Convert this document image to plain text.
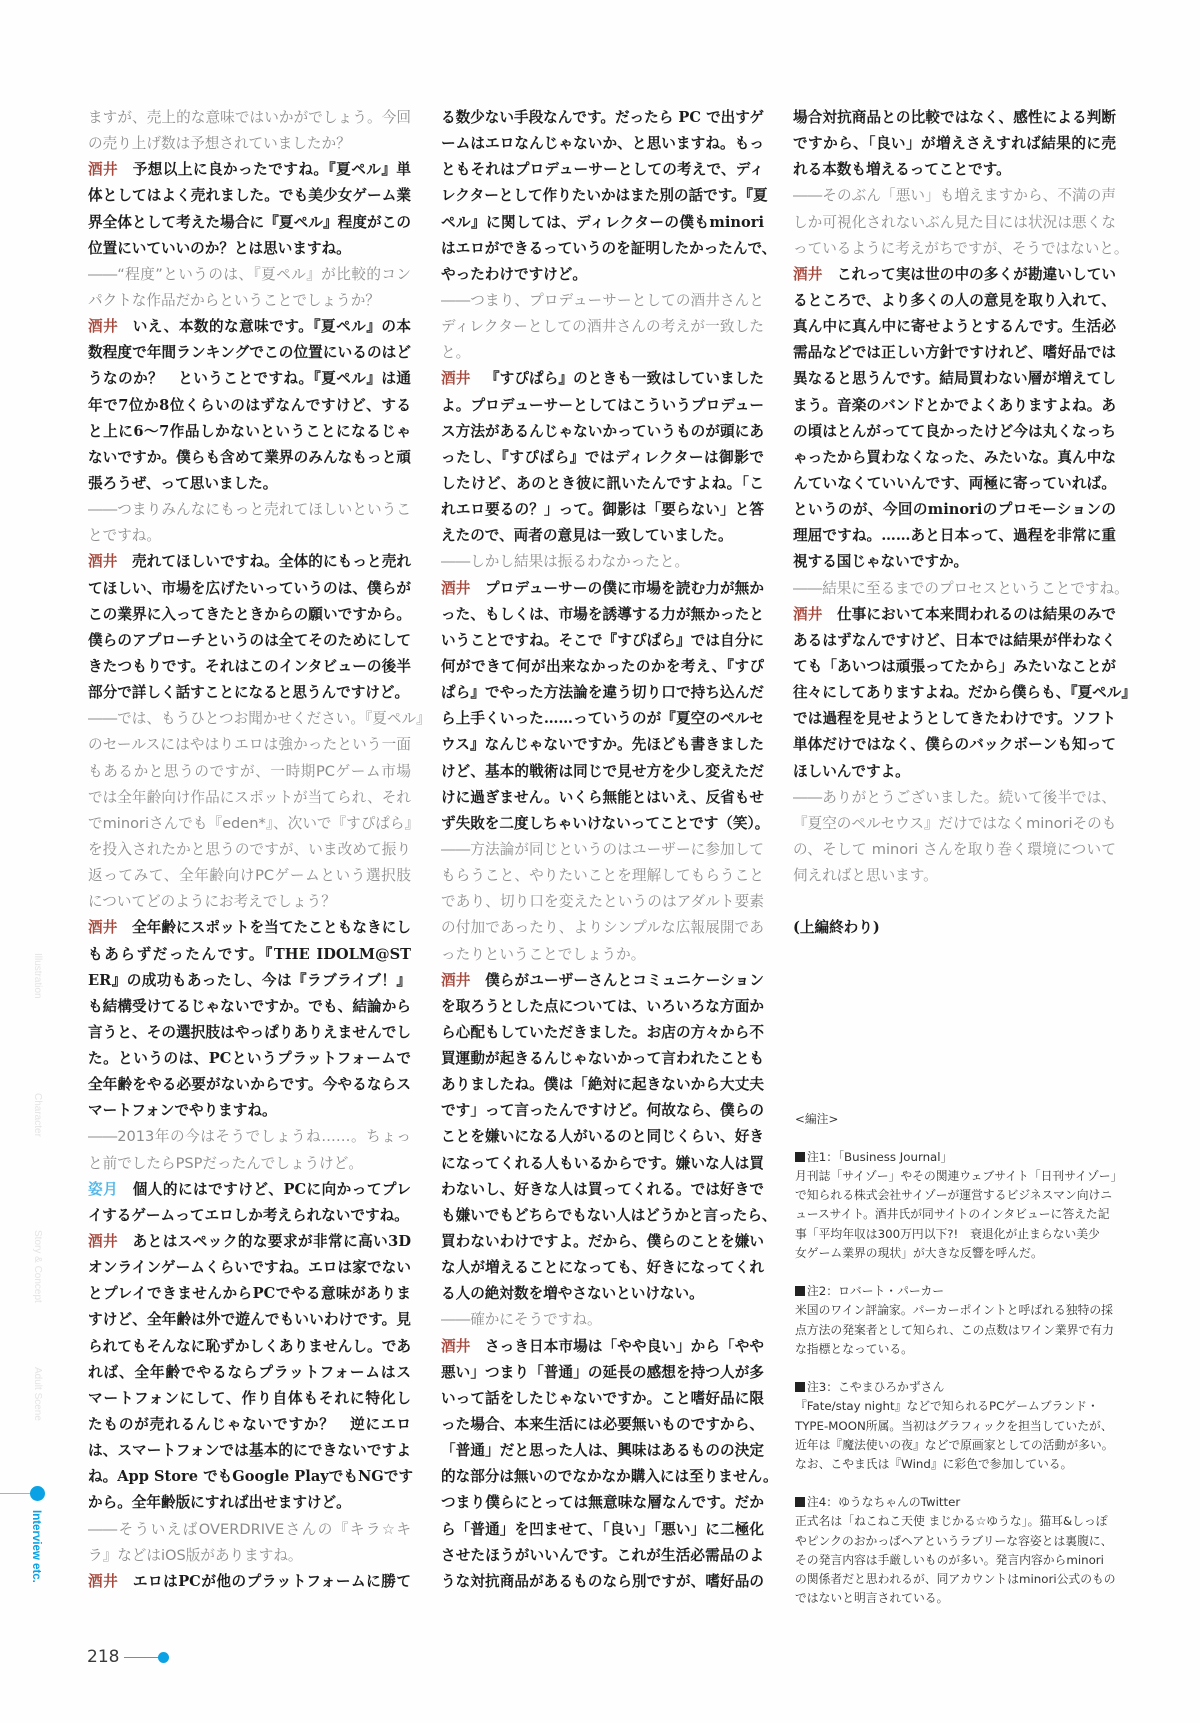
ますが、売上的な意味ではいかがでしょう。今回
の売り上げ数は予想されていましたか？
酒井 予想以上に良かったですね。『夏ペル』単
体としてはよく売れました。でも美少女ゲーム業
界全体として考えた場合に『夏ペル』程度がこの
位置にいていいのか？とは思いますね。
――“程度”というのは、『夏ペル』が比較的コン
パクトな作品だからということでしょうか？
酒井 いえ、本数的な意味です。『夏ペル』の本
数程度で年間ランキングでこの位置にいるのはど
うなのか？　ということですね。『夏ペル』は通
年で7位か8位くらいのはずなんですけど、する
と上に6～7作品しかないということになるじゃ
ないですか。僕らも含めて業界のみんなもっと頑
張ろうぜ、って思いました。
――つまりみんなにもっと売れてほしいというこ
とですね。
酒井 売れてほしいですね。全体的にもっと売れ
てほしい、市場を広げたいっていうのは、僕らが
この業界に入ってきたときからの願いですから。
僕らのアプローチというのは全てそのためにして
きたつもりです。それはこのインタビューの後半
部分で詳しく話すことになると思うんですけど。
――では、もうひとつお聞かせください。『夏ペル』
のセールスにはやはりエロは強かったという一面
もあるかと思うのですが、一時期PCゲーム市場
では全年齢向け作品にスポットが当てられ、それ
でminoriさんでも『eden*』、次いで『すぴぱら』
を投入されたかと思うのですが、いま改めて振り
返ってみて、全年齢向けPCゲームという選択肢
についてどのようにお考えでしょう？
酒井 全年齢にスポットを当てたこともなきにし
もあらずだったんです。『THE IDOLM@ST
ER』の成功もあったし、今は『ラブライブ！』
も結構受けてるじゃないですか。でも、結論から
言うと、その選択肢はやっぱりありえませんでし
た。というのは、PCというプラットフォームで
全年齢をやる必要がないからです。今やるならス
マートフォンでやりますね。
――2013年の今はそうでしょうね……。ちょっ
と前でしたらPSPだったんでしょうけど。
姿月 個人的にはですけど、PCに向かってプレ
イするゲームってエロしか考えられないですね。
酒井 あとはスペック的な要求が非常に高い3D
オンラインゲームくらいですね。エロは家でない
とプレイできませんからPCでやる意味がありま
すけど、全年齢は外で遊んでもいいわけです。見
られてもそんなに恥ずかしくありませんし。であ
れば、全年齢でやるならプラットフォームはス
マートフォンにして、作り自体もそれに特化し
たものが売れるんじゃないですか？　逆にエロ
は、スマートフォンでは基本的にできないですよ
ね。App Store でもGoogle PlayでもNGです
から。全年齢版にすれば出せますけど。
――そういえばOVERDRIVEさんの『キラ☆キ
ラ』などはiOS版がありますね。
酒井 エロはPCが他のプラットフォームに勝て
る数少ない手段なんです。だったら PC で出すゲ
ームはエロなんじゃないか、と思いますね。もっ
ともそれはプロデューサーとしての考えで、ディ
レクターとして作りたいかはまた別の話です。『夏
ペル』に関しては、ディレクターの僕もminori
はエロができるっていうのを証明したかったんで、
やったわけですけど。
――つまり、プロデューサーとしての酒井さんと
ディレクターとしての酒井さんの考えが一致した
と。
酒井 『すぴぱら』のときも一致はしていました
よ。プロデューサーとしてはこういうプロデュー
ス方法があるんじゃないかっていうものが頭にあ
ったし、『すぴぱら』ではディレクターは御影で
したけど、あのとき彼に訊いたんですよね。「こ
れエロ要るの？」って。御影は「要らない」と答
えたので、両者の意見は一致していました。
――しかし結果は振るわなかったと。
酒井 プロデューサーの僕に市場を読む力が無か
った、もしくは、市場を誘導する力が無かったと
いうことですね。そこで『すぴぱら』では自分に
何ができて何が出来なかったのかを考え、『すぴ
ぱら』でやった方法論を違う切り口で持ち込んだ
ら上手くいった……っていうのが『夏空のペルセ
ウス』なんじゃないですか。先ほども書きました
けど、基本的戦術は同じで見せ方を少し変えただ
けに過ぎません。いくら無能とはいえ、反省もせ
ず失敗を二度しちゃいけないってことです（笑）。
――方法論が同じというのはユーザーに参加して
もらうこと、やりたいことを理解してもらうこと
であり、切り口を変えたというのはアダルト要素
の付加であったり、よりシンプルな広報展開であ
ったりということでしょうか。
酒井 僕らがユーザーさんとコミュニケーション
を取ろうとした点については、いろいろな方面か
ら心配もしていただきました。お店の方々から不
買運動が起きるんじゃないかって言われたことも
ありましたね。僕は「絶対に起きないから大丈夫
です」って言ったんですけど。何故なら、僕らの
ことを嫌いになる人がいるのと同じくらい、好き
になってくれる人もいるからです。嫌いな人は買
わないし、好きな人は買ってくれる。では好きで
も嫌いでもどちらでもない人はどうかと言ったら、
買わないわけですよ。だから、僕らのことを嫌い
な人が増えることになっても、好きになってくれ
る人の絶対数を増やさないといけない。
――確かにそうですね。
酒井 さっき日本市場は「やや良い」から「やや
悪い」つまり「普通」の延長の感想を持つ人が多
いって話をしたじゃないですか。こと嗜好品に限
った場合、本来生活には必要無いものですから、
「普通」だと思った人は、興味はあるものの決定
的な部分は無いのでなかなか購入には至りません。
つまり僕らにとっては無意味な層なんです。だか
ら「普通」を凹ませて、「良い」「悪い」に二極化
させたほうがいいんです。これが生活必需品のよ
うな対抗商品があるものなら別ですが、嗜好品の
場合対抗商品との比較ではなく、感性による判断
ですから、「良い」が増えさえすれば結果的に売
れる本数も増えるってことです。
――そのぶん「悪い」も増えますから、不満の声
しか可視化されないぶん見た目には状況は悪くな
っているように考えがちですが、そうではないと。
酒井 これって実は世の中の多くが勘違いしてい
るところで、より多くの人の意見を取り入れて、
真ん中に真ん中に寄せようとするんです。生活必
需品などでは正しい方針ですけれど、嗜好品では
異なると思うんです。結局買わない層が増えてし
まう。音楽のバンドとかでよくありますよね。あ
の頃はとんがってて良かったけど今は丸くなっち
ゃったから買わなくなった、みたいな。真ん中な
んていなくていいんです、両極に寄っていれば。
というのが、今回のminoriのプロモーションの
理屈ですね。……あと日本って、過程を非常に重
視する国じゃないですか。
――結果に至るまでのプロセスということですね。
酒井 仕事において本来問われるのは結果のみで
あるはずなんですけど、日本では結果が伴わなく
ても「あいつは頑張ってたから」みたいなことが
往々にしてありますよね。だから僕らも、『夏ペル』
では過程を見せようとしてきたわけです。ソフト
単体だけではなく、僕らのバックボーンも知って
ほしいんですよ。
――ありがとうございました。続いて後半では、
『夏空のペルセウス』だけではなくminoriそのも
の、そして minori さんを取り巻く環境について
伺えればと思います。
(上編終わり)
<編注>
注1：「Business Journal」
月刊誌「サイゾー」やその関連ウェブサイト「日刊サイゾー」
で知られる株式会社サイゾーが運営するビジネスマン向けニ
ュースサイト。酒井氏が同サイトのインタビューに答えた記
事「平均年収は300万円以下?!　衰退化が止まらない美少
女ゲーム業界の現状」が大きな反響を呼んだ。
注2：ロバート・パーカー
米国のワイン評論家。パーカーポイントと呼ばれる独特の採
点方法の発案者として知られ、この点数はワイン業界で有力
な指標となっている。
注3：こやまひろかずさん
『Fate/stay night』などで知られるPCゲームブランド・
TYPE-MOON所属。当初はグラフィックを担当していたが、
近年は『魔法使いの夜』などで原画家としての活動が多い。
なお、こやま氏は『Wind』に彩色で参加している。
注4：ゆうなちゃんのTwitter
正式名は「ねこねこ天使 まじかる☆ゆうな」。猫耳&しっぽ
やピンクのおかっぱヘアというラブリーな容姿とは裏腹に、
その発言内容は手厳しいものが多い。発言内容からminori
の関係者だと思われるが、同アカウントはminori公式のもの
ではないと明言されている。
Illustration
Character
Story & Concept
Adult Scene
Interview etc.
218
